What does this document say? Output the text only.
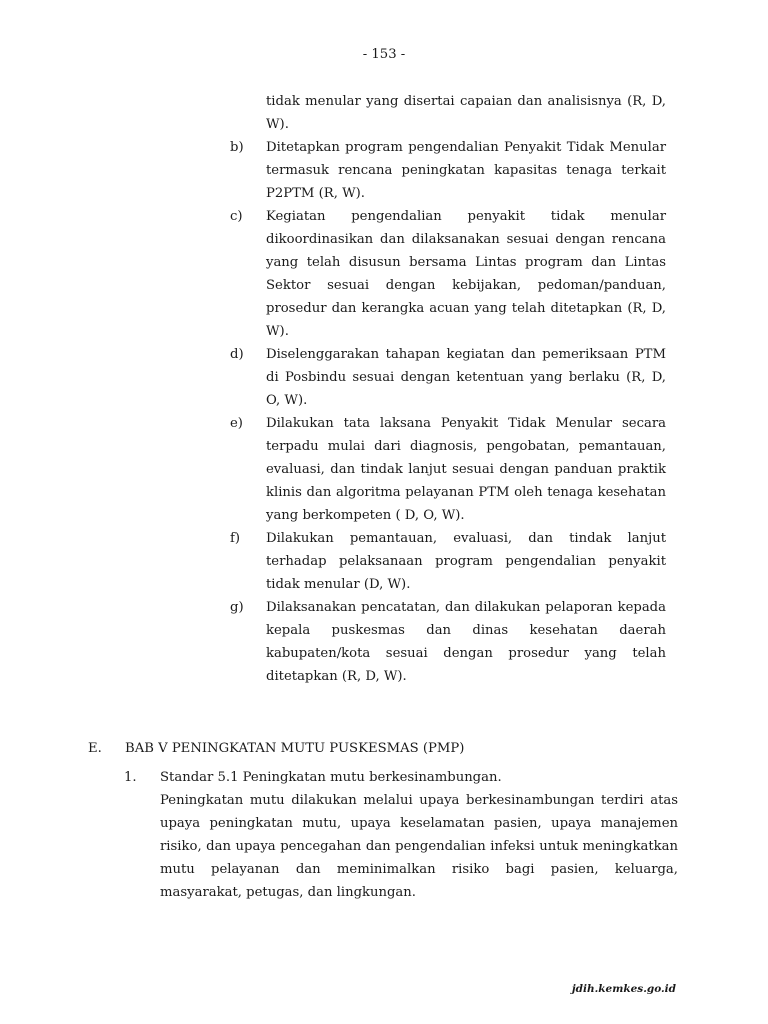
- 153 -
tidak menular yang disertai capaian dan analisisnya (R, D, W).
b) Ditetapkan program pengendalian Penyakit Tidak Menular termasuk rencana peningkatan kapasitas tenaga terkait P2PTM (R, W).
c) Kegiatan pengendalian penyakit tidak menular dikoordinasikan dan dilaksanakan sesuai dengan rencana yang telah disusun bersama Lintas program dan Lintas Sektor sesuai dengan kebijakan, pedoman/panduan, prosedur dan kerangka acuan yang telah ditetapkan (R, D, W).
d) Diselenggarakan tahapan kegiatan dan pemeriksaan PTM di Posbindu sesuai dengan ketentuan yang berlaku (R, D, O, W).
e) Dilakukan tata laksana Penyakit Tidak Menular secara terpadu mulai dari diagnosis, pengobatan, pemantauan, evaluasi, dan tindak lanjut sesuai dengan panduan praktik klinis dan algoritma pelayanan PTM oleh tenaga kesehatan yang berkompeten ( D, O, W).
f) Dilakukan pemantauan, evaluasi, dan tindak lanjut terhadap pelaksanaan program pengendalian penyakit tidak menular (D, W).
g) Dilaksanakan pencatatan, dan dilakukan pelaporan kepada kepala puskesmas dan dinas kesehatan daerah kabupaten/kota sesuai dengan prosedur yang telah ditetapkan (R, D, W).
E. BAB V PENINGKATAN MUTU PUSKESMAS (PMP)
1. Standar 5.1 Peningkatan mutu berkesinambungan.
Peningkatan mutu dilakukan melalui upaya berkesinambungan terdiri atas upaya peningkatan mutu, upaya keselamatan pasien, upaya manajemen risiko, dan upaya pencegahan dan pengendalian infeksi untuk meningkatkan mutu pelayanan dan meminimalkan risiko bagi pasien, keluarga, masyarakat, petugas, dan lingkungan.
jdih.kemkes.go.id
